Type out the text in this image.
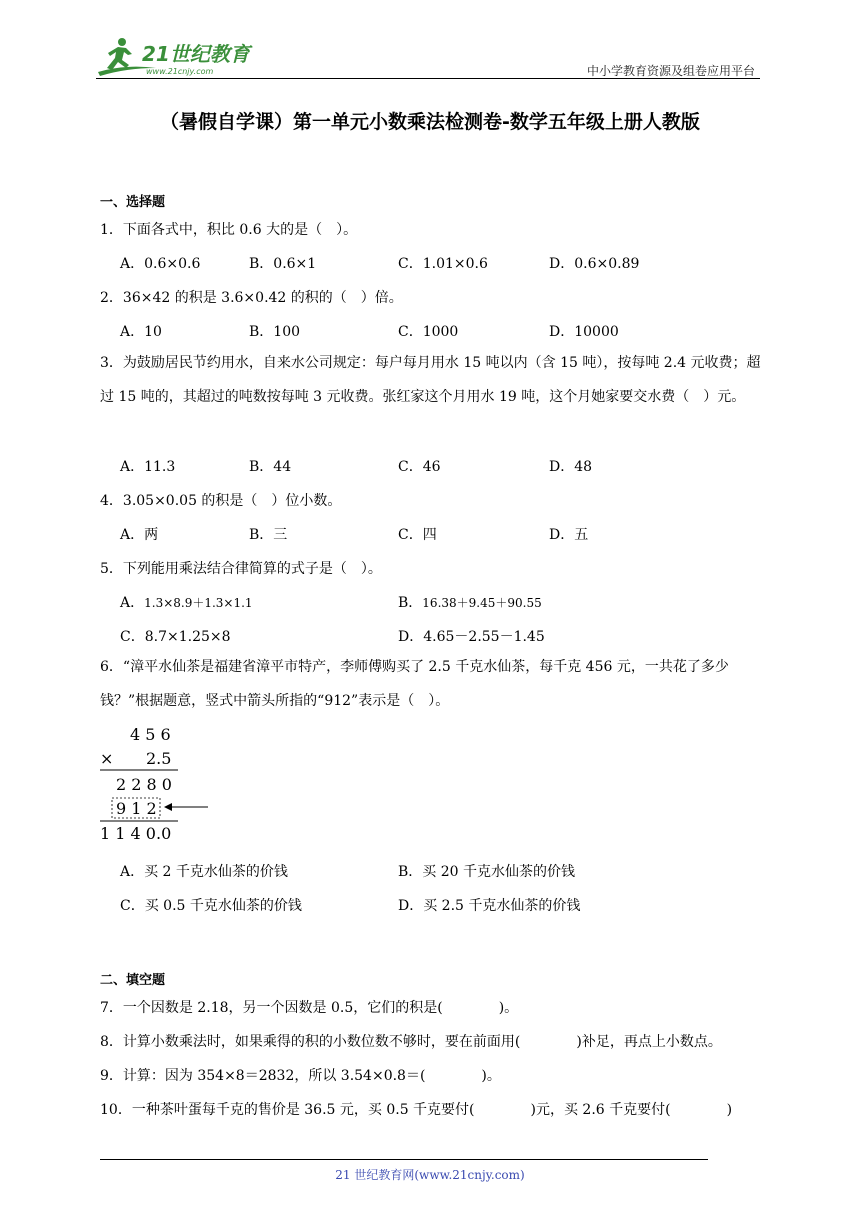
21世纪教育
www.21cnjy.com	中小学教育资源及组卷应用平台
（暑假自学课）第一单元小数乘法检测卷-数学五年级上册人教版
一、选择题
1．下面各式中，积比 0.6 大的是（　）。
A．0.6×0.6	B．0.6×1	C．1.01×0.6	D．0.6×0.89
2．36×42 的积是 3.6×0.42 的积的（　）倍。
A．10	B．100	C．1000	D．10000
3．为鼓励居民节约用水，自来水公司规定：每户每月用水 15 吨以内（含 15 吨），按每吨 2.4 元收费；超过 15 吨的，其超过的吨数按每吨 3 元收费。张红家这个月用水 19 吨，这个月她家要交水费（　）元。
A．11.3	B．44	C．46	D．48
4．3.05×0.05 的积是（　）位小数。
A．两	B．三	C．四	D．五
5．下列能用乘法结合律简算的式子是（　）。
A．1.3×8.9＋1.3×1.1	B．16.38＋9.45＋90.55
C．8.7×1.25×8	D．4.65－2.55－1.45
6．“漳平水仙茶是福建省漳平市特产，李师傅购买了 2.5 千克水仙茶，每千克 456 元，一共花了多少钱？”根据题意，竖式中箭头所指的“912”表示是（　）。
4 5 6
× 2.5
2 2 8 0
9 1 2
1 1 4 0.0
A．买 2 千克水仙茶的价钱	B．买 20 千克水仙茶的价钱
C．买 0.5 千克水仙茶的价钱	D．买 2.5 千克水仙茶的价钱
二、填空题
7．一个因数是 2.18，另一个因数是 0.5，它们的积是(　　　　)。
8．计算小数乘法时，如果乘得的积的小数位数不够时，要在前面用(　　　　)补足，再点上小数点。
9．计算：因为 354×8＝2832，所以 3.54×0.8＝(　　　　)。
10．一种茶叶蛋每千克的售价是 36.5 元，买 0.5 千克要付(　　　　)元，买 2.6 千克要付(　　　　)
21 世纪教育网(www.21cnjy.com)
